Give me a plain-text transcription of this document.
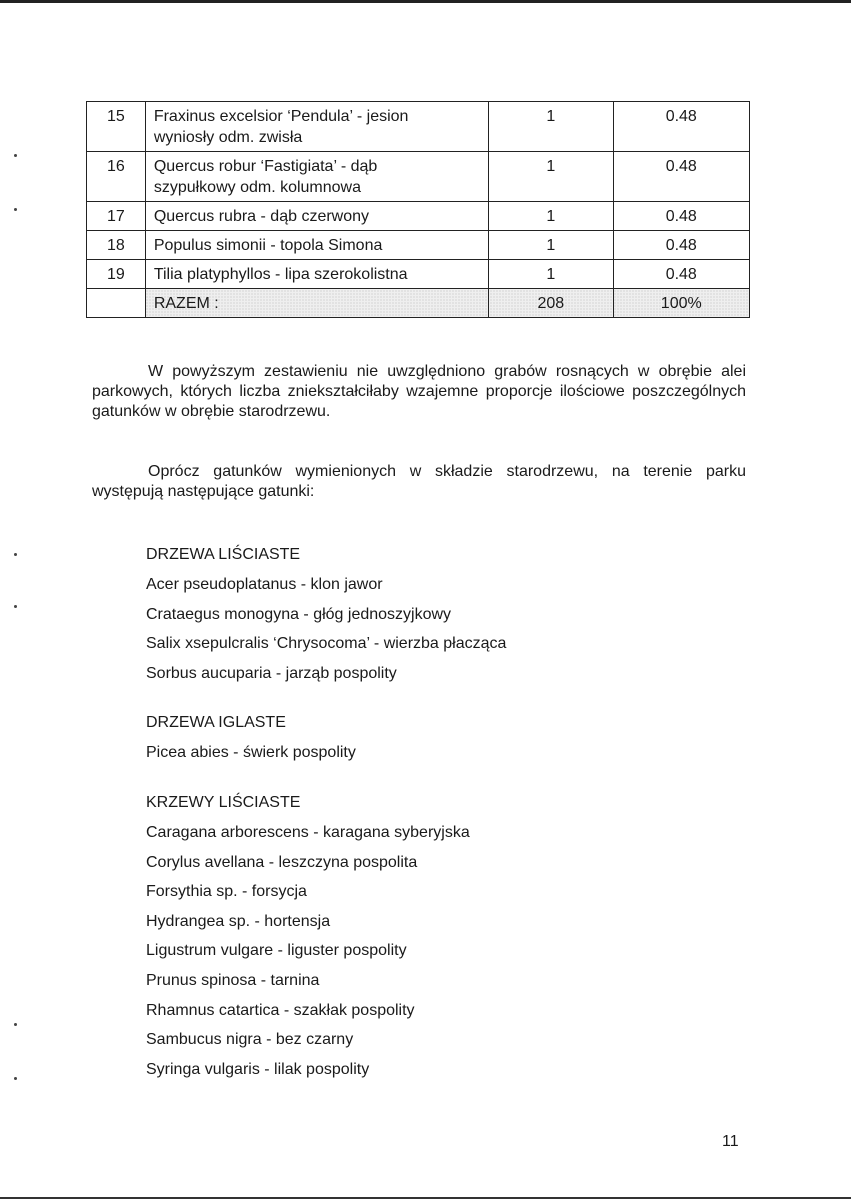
15	Fraxinus excelsior ‘Pendula’ - jesion
wyniosły odm. zwisła	1	0.48
16	Quercus robur ‘Fastigiata’ - dąb
szypułkowy odm. kolumnowa	1	0.48
17	Quercus rubra - dąb czerwony	1	0.48
18	Populus simonii - topola Simona	1	0.48
19	Tilia platyphyllos - lipa szerokolistna	1	0.48
	RAZEM :	208	100%

W powyższym zestawieniu nie uwzględniono grabów rosnących w obrębie alei parkowych, których liczba zniekształciłaby wzajemne proporcje ilościowe poszczególnych gatunków w obrębie starodrzewu.

Oprócz gatunków wymienionych w składzie starodrzewu, na terenie parku występują następujące gatunki:

DRZEWA LIŚCIASTE
Acer pseudoplatanus - klon jawor
Crataegus monogyna - głóg jednoszyjkowy
Salix xsepulcralis ‘Chrysocoma’ - wierzba płacząca
Sorbus aucuparia - jarząb pospolity
DRZEWA IGLASTE
Picea abies - świerk pospolity
KRZEWY LIŚCIASTE
Caragana arborescens - karagana syberyjska
Corylus avellana - leszczyna pospolita
Forsythia sp. - forsycja
Hydrangea sp. - hortensja
Ligustrum vulgare - liguster pospolity
Prunus spinosa - tarnina
Rhamnus catartica - szakłak pospolity
Sambucus nigra - bez czarny
Syringa vulgaris - lilak pospolity
11
